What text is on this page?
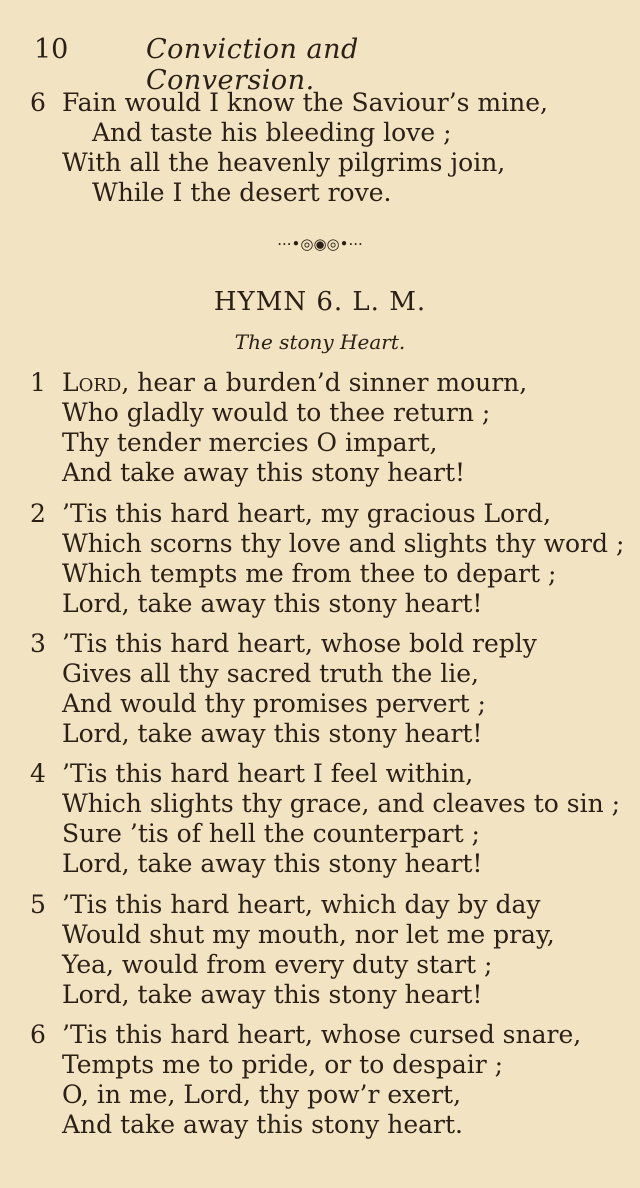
10	Conviction and Conversion.
6 Fain would I know the Saviour’s mine,
And taste his bleeding love ;
With all the heavenly pilgrims join,
While I the desert rove.
···•◎◉◎•···
HYMN 6. L. M.
The stony Heart.
1 Lord, hear a burden’d sinner mourn,
Who gladly would to thee return ;
Thy tender mercies O impart,
And take away this stony heart!
2 ’Tis this hard heart, my gracious Lord,
Which scorns thy love and slights thy word ;
Which tempts me from thee to depart ;
Lord, take away this stony heart!
3 ’Tis this hard heart, whose bold reply
Gives all thy sacred truth the lie,
And would thy promises pervert ;
Lord, take away this stony heart!
4 ’Tis this hard heart I feel within,
Which slights thy grace, and cleaves to sin ;
Sure ’tis of hell the counterpart ;
Lord, take away this stony heart!
5 ’Tis this hard heart, which day by day
Would shut my mouth, nor let me pray,
Yea, would from every duty start ;
Lord, take away this stony heart!
6 ’Tis this hard heart, whose cursed snare,
Tempts me to pride, or to despair ;
O, in me, Lord, thy pow’r exert,
And take away this stony heart.
